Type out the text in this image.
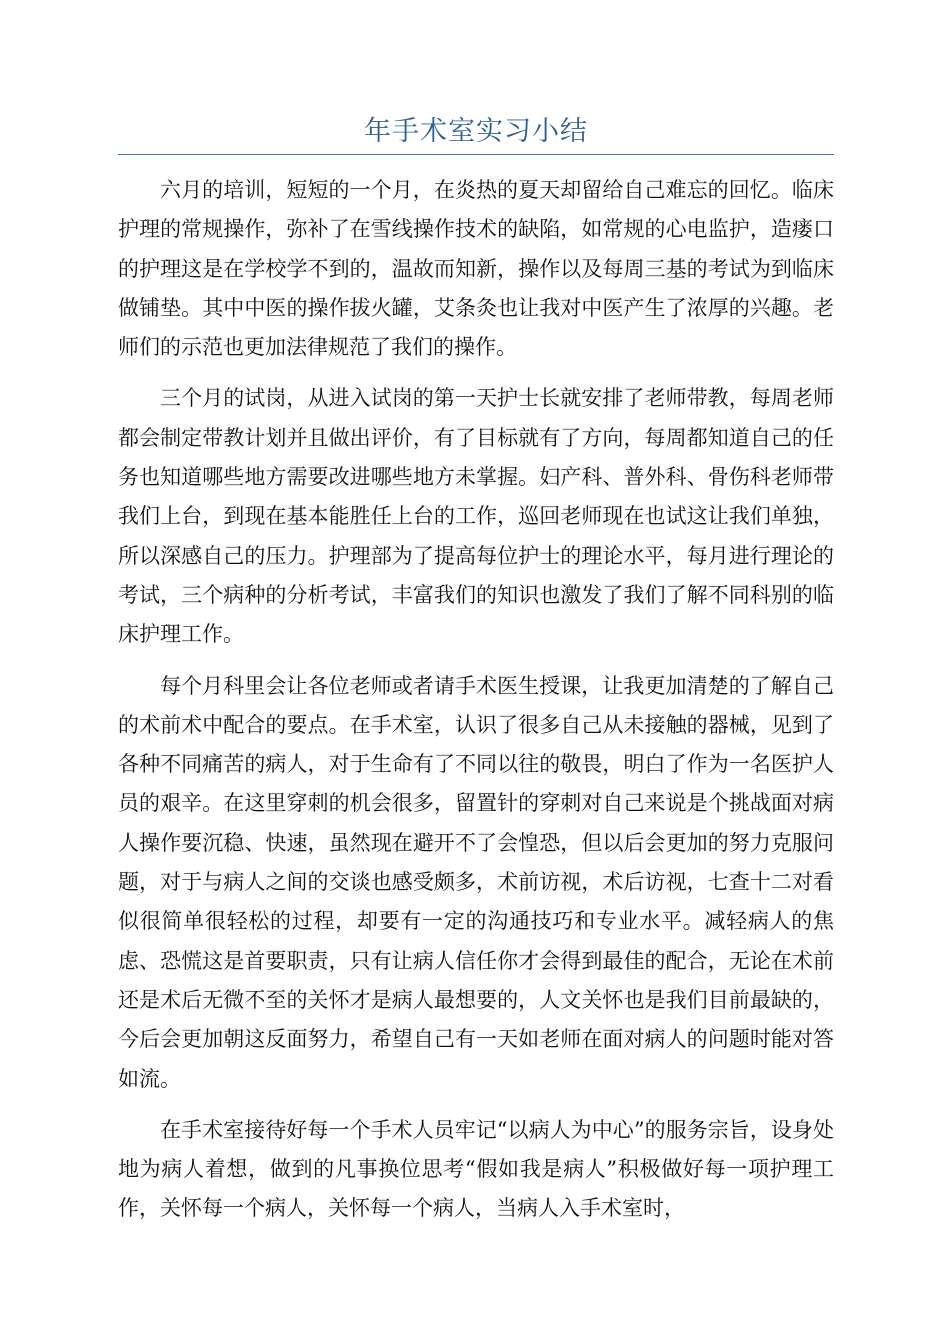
年手术室实习小结

六月的培训，短短的一个月，在炎热的夏天却留给自己难忘的回忆。临床护理的常规操作，弥补了在雪线操作技术的缺陷，如常规的心电监护，造瘘口的护理这是在学校学不到的，温故而知新，操作以及每周三基的考试为到临床做铺垫。其中中医的操作拔火罐，艾条灸也让我对中医产生了浓厚的兴趣。老师们的示范也更加法律规范了我们的操作。

三个月的试岗，从进入试岗的第一天护士长就安排了老师带教，每周老师都会制定带教计划并且做出评价，有了目标就有了方向，每周都知道自己的任务也知道哪些地方需要改进哪些地方未掌握。妇产科、普外科、骨伤科老师带我们上台，到现在基本能胜任上台的工作，巡回老师现在也试这让我们单独，所以深感自己的压力。护理部为了提高每位护士的理论水平，每月进行理论的考试，三个病种的分析考试，丰富我们的知识也激发了我们了解不同科别的临床护理工作。

每个月科里会让各位老师或者请手术医生授课，让我更加清楚的了解自己的术前术中配合的要点。在手术室，认识了很多自己从未接触的器械，见到了各种不同痛苦的病人，对于生命有了不同以往的敬畏，明白了作为一名医护人员的艰辛。在这里穿刺的机会很多，留置针的穿刺对自己来说是个挑战面对病人操作要沉稳、快速，虽然现在避开不了会惶恐，但以后会更加的努力克服问题，对于与病人之间的交谈也感受颇多，术前访视，术后访视，七查十二对看似很简单很轻松的过程，却要有一定的沟通技巧和专业水平。减轻病人的焦虑、恐慌这是首要职责，只有让病人信任你才会得到最佳的配合，无论在术前还是术后无微不至的关怀才是病人最想要的，人文关怀也是我们目前最缺的，今后会更加朝这反面努力，希望自己有一天如老师在面对病人的问题时能对答如流。

在手术室接待好每一个手术人员牢记“以病人为中心”的服务宗旨，设身处地为病人着想，做到的凡事换位思考“假如我是病人”积极做好每一项护理工作，关怀每一个病人，关怀每一个病人，当病人入手术室时，
